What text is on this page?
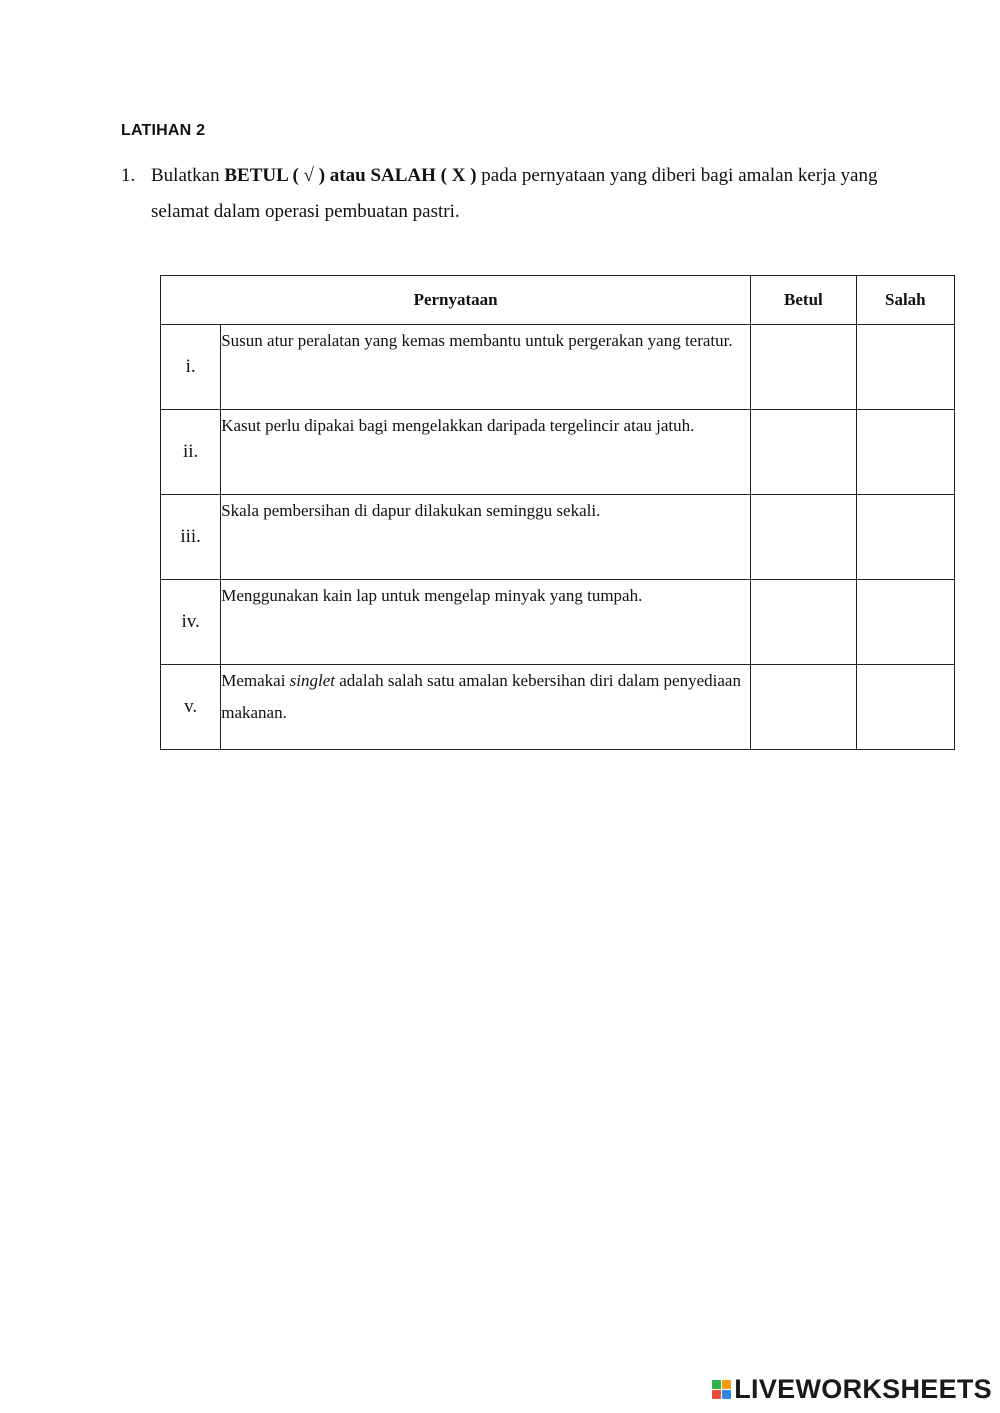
LATIHAN 2
1. Bulatkan BETUL ( √ ) atau SALAH ( X ) pada pernyataan yang diberi bagi amalan kerja yang selamat dalam operasi pembuatan pastri.
Pernyataan		Betul	Salah
i.	Susun atur peralatan yang kemas membantu untuk pergerakan yang teratur.		
ii.	Kasut perlu dipakai bagi mengelakkan daripada tergelincir atau jatuh.		
iii.	Skala pembersihan di dapur dilakukan seminggu sekali.		
iv.	Menggunakan kain lap untuk mengelap minyak yang tumpah.		
v.	Memakai singlet adalah salah satu amalan kebersihan diri dalam penyediaan makanan.		
LIVEWORKSHEETS
